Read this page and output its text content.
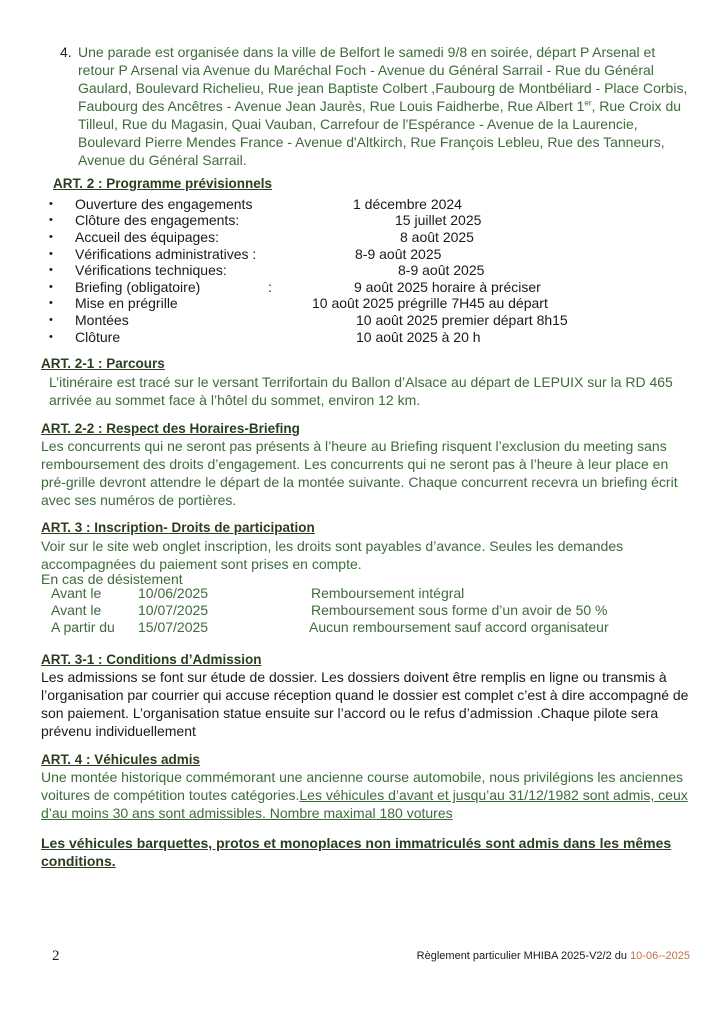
4. Une parade est organisée dans la ville de Belfort le samedi 9/8 en soirée, départ P Arsenal et retour P Arsenal via Avenue du Maréchal Foch - Avenue du Général Sarrail - Rue du Général Gaulard, Boulevard Richelieu, Rue jean Baptiste Colbert ,Faubourg de Montbéliard - Place Corbis, Faubourg des Ancêtres - Avenue Jean Jaurès, Rue Louis Faidherbe, Rue Albert 1er, Rue Croix du Tilleul, Rue du Magasin, Quai Vauban, Carrefour de l'Espérance - Avenue de la Laurencie, Boulevard Pierre Mendes France - Avenue d'Altkirch, Rue François Lebleu, Rue des Tanneurs, Avenue du Général Sarrail.
ART. 2 : Programme prévisionnels
• Ouverture des engagements	1 décembre 2024
• Clôture des engagements:	15 juillet 2025
• Accueil des équipages:	8 août 2025
• Vérifications administratives :	8-9 août 2025
• Vérifications techniques:	8-9 août 2025
• Briefing (obligatoire)	:	9 août 2025 horaire à préciser
• Mise en prégrille	10 août 2025 prégrille 7H45 au départ
• Montées	10 août 2025 premier départ 8h15
• Clôture	10 août 2025 à 20 h
ART. 2-1 : Parcours

L’itinéraire est tracé sur le versant Terrifortain du Ballon d’Alsace au départ de LEPUIX sur la RD 465 arrivée au sommet face à l’hôtel du sommet, environ 12 km.

ART. 2-2 : Respect des Horaires-Briefing

Les concurrents qui ne seront pas présents à l’heure au Briefing risquent l’exclusion du meeting sans remboursement des droits d’engagement. Les concurrents qui ne seront pas à l’heure à leur place en pré-grille devront attendre le départ de la montée suivante. Chaque concurrent recevra un briefing écrit avec ses numéros de portières.

ART. 3 : Inscription- Droits de participation

Voir sur le site web onglet inscription, les droits sont payables d’avance. Seules les demandes accompagnées du paiement sont prises en compte.

En cas de désistement

Avant le	10/06/2025	Remboursement intégral
Avant le	10/07/2025	Remboursement sous forme d’un avoir de 50 %
A partir du 15/07/2025	Aucun remboursement sauf accord organisateur
ART. 3-1 : Conditions d’Admission

Les admissions se font sur étude de dossier. Les dossiers doivent être remplis en ligne ou transmis à l’organisation par courrier qui accuse réception quand le dossier est complet c’est à dire accompagné de son paiement. L’organisation statue ensuite sur l’accord ou le refus d’admission .Chaque pilote sera prévenu individuellement

ART. 4 : Véhicules admis

Une montée historique commémorant une ancienne course automobile, nous privilégions les anciennes voitures de compétition toutes catégories.Les véhicules d’avant et jusqu’au 31/12/1982 sont admis, ceux d’au moins 30 ans sont admissibles. Nombre maximal 180 votures

Les véhicules barquettes, protos et monoplaces non immatriculés sont admis dans les mêmes conditions.

2	Règlement particulier MHIBA 2025-V2/2 du 10-06--2025
